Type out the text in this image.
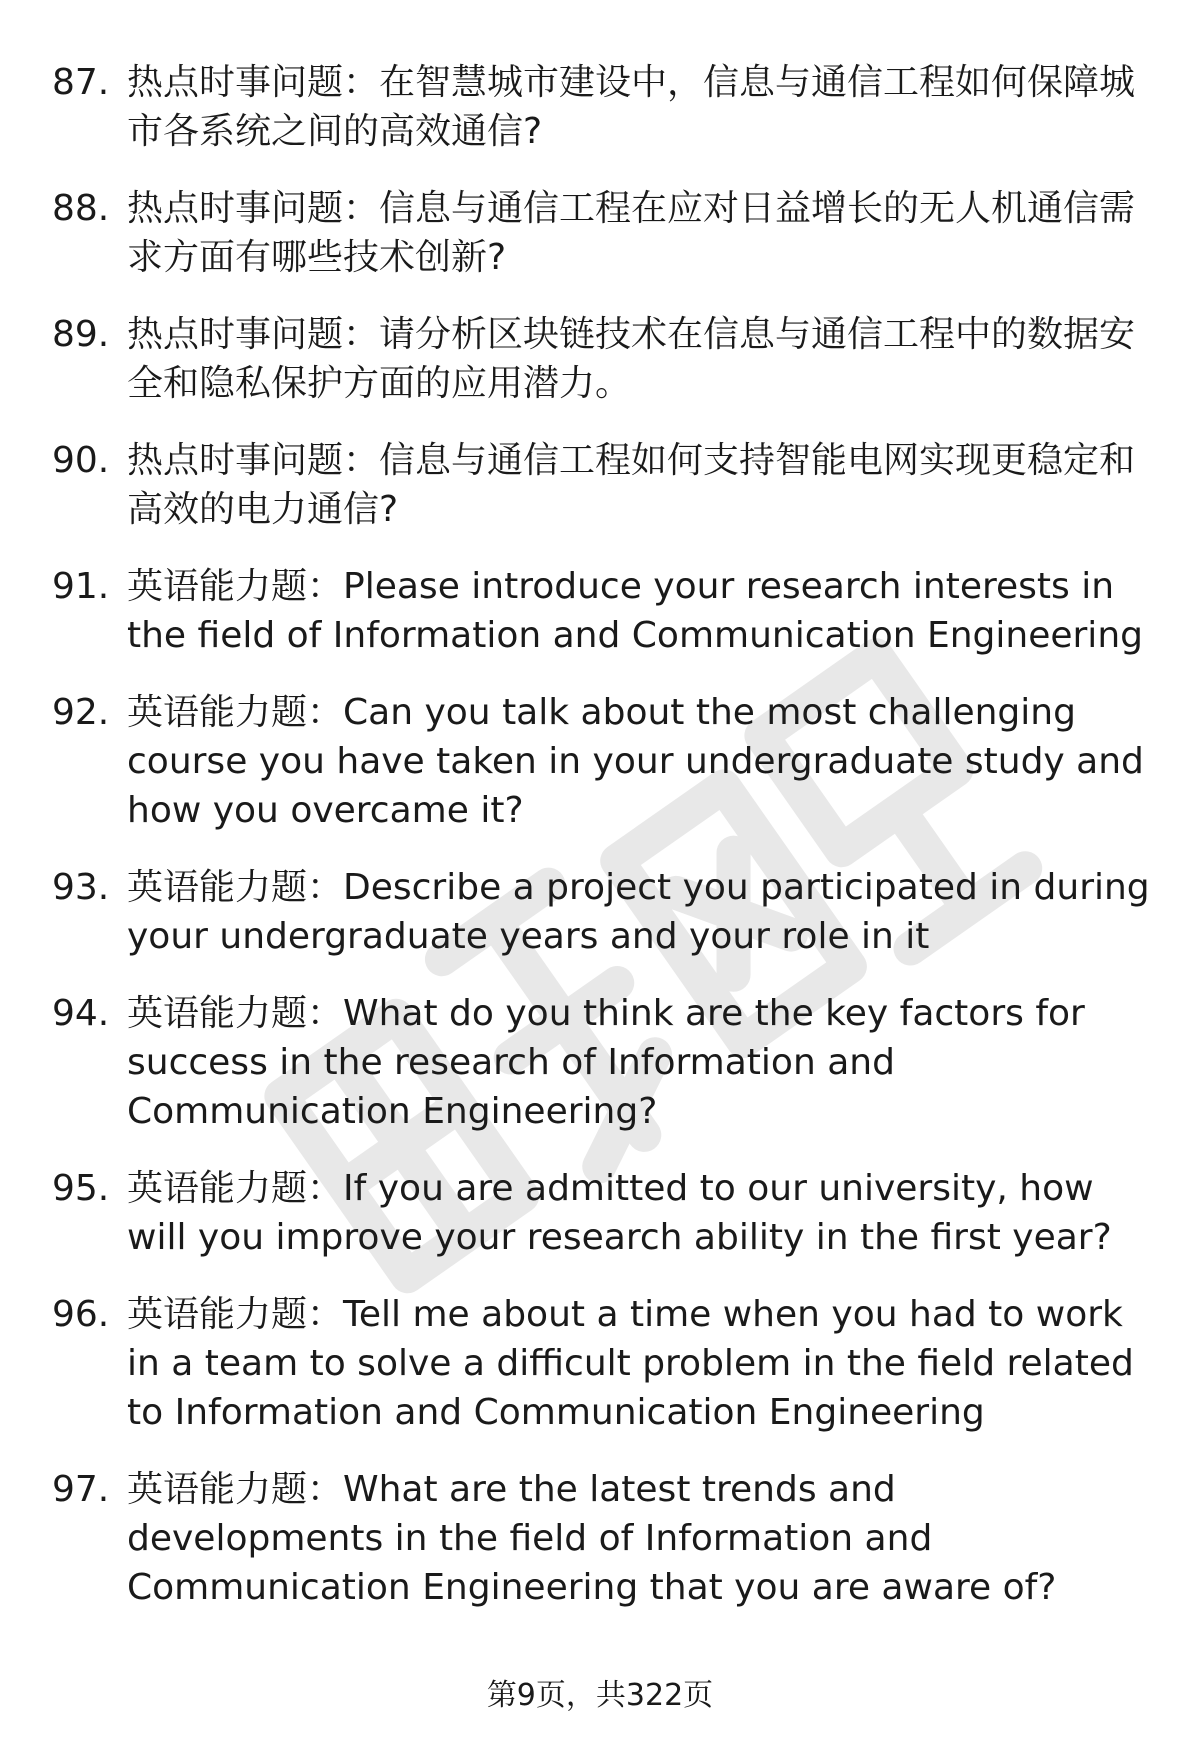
87. 热点时事问题：在智慧城市建设中，信息与通信工程如何保障城市各系统之间的高效通信?
88. 热点时事问题：信息与通信工程在应对日益增长的无人机通信需求方面有哪些技术创新?
89. 热点时事问题：请分析区块链技术在信息与通信工程中的数据安全和隐私保护方面的应用潜力。
90. 热点时事问题：信息与通信工程如何支持智能电网实现更稳定和高效的电力通信?
91. 英语能力题：Please introduce your research interests in the field of Information and Communication Engineering
92. 英语能力题：Can you talk about the most challenging course you have taken in your undergraduate study and how you overcame it?
93. 英语能力题：Describe a project you participated in during your undergraduate years and your role in it
94. 英语能力题：What do you think are the key factors for success in the research of Information and Communication Engineering?
95. 英语能力题：If you are admitted to our university, how will you improve your research ability in the first year?
96. 英语能力题：Tell me about a time when you had to work in a team to solve a difficult problem in the field related to Information and Communication Engineering
97. 英语能力题：What are the latest trends and developments in the field of Information and Communication Engineering that you are aware of?
第9页，共322页
